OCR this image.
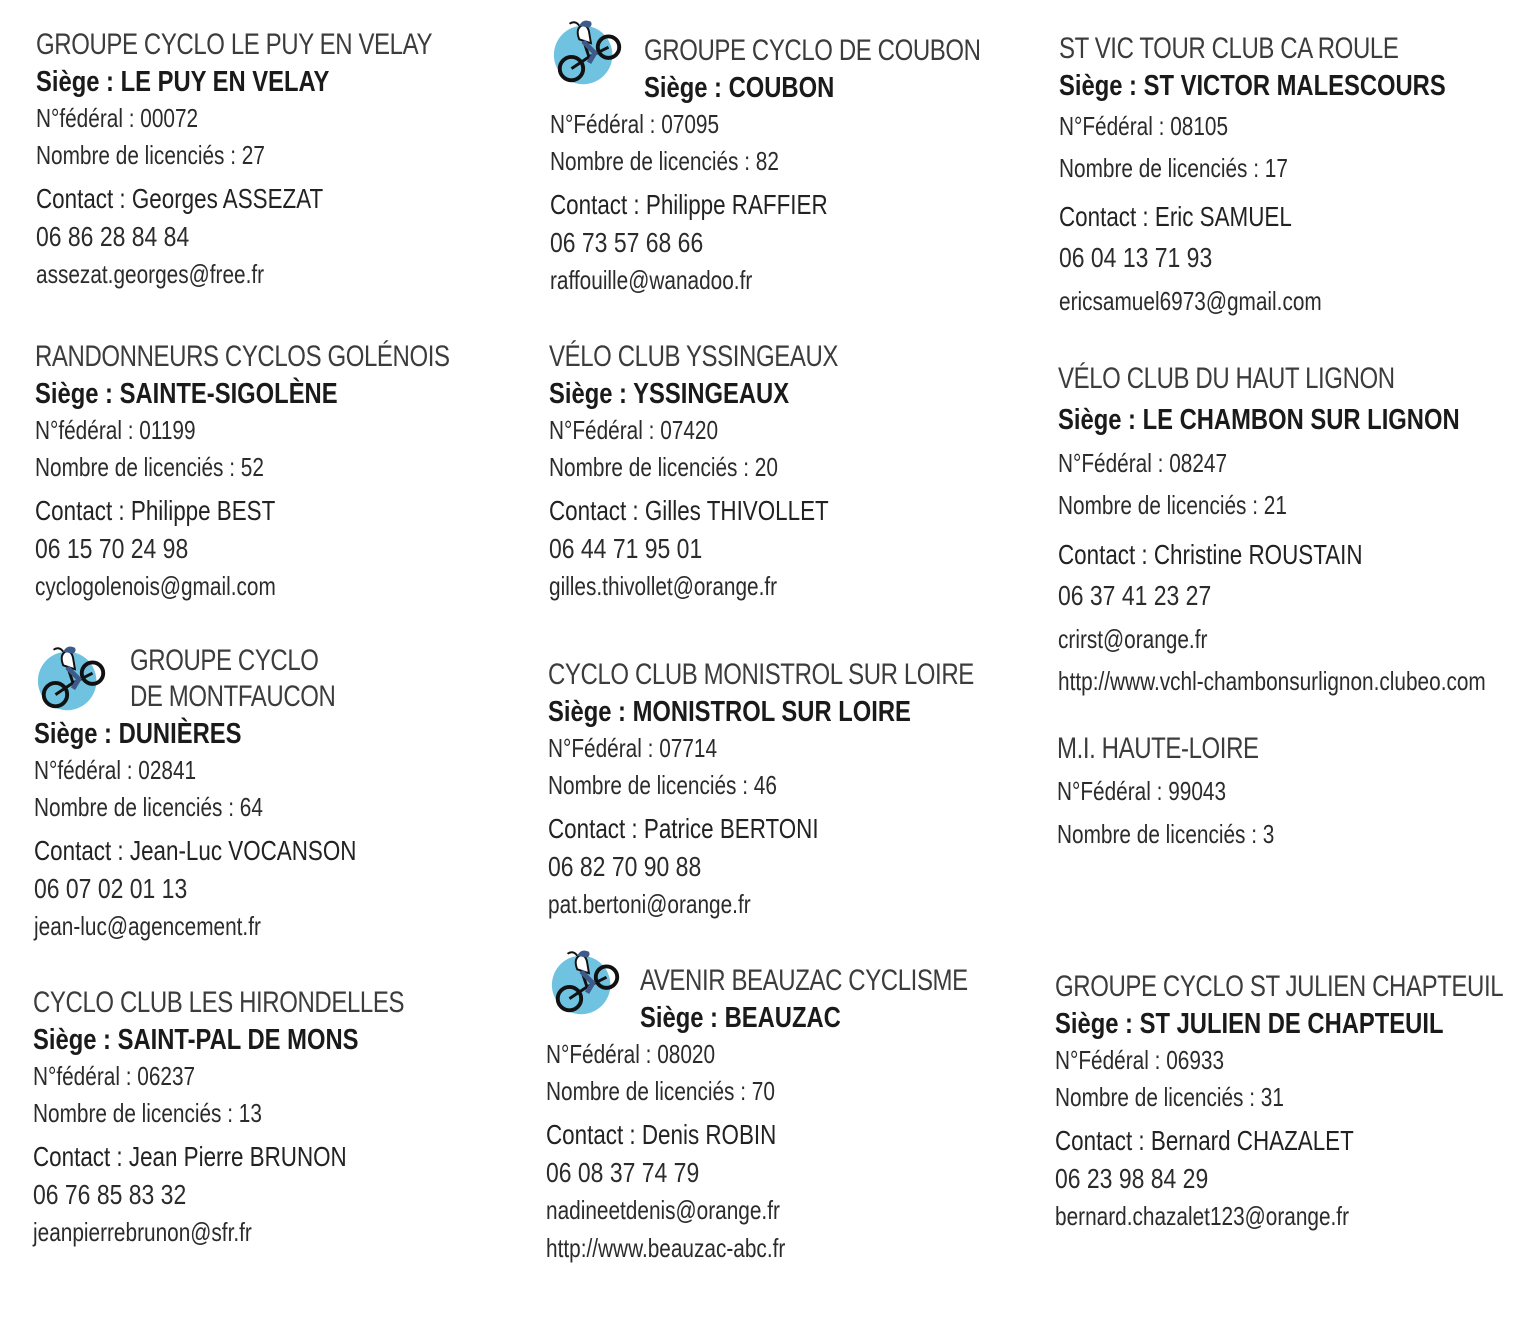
GROUPE CYCLO LE PUY EN VELAY
Siège : LE PUY EN VELAY
N°fédéral : 00072
Nombre de licenciés : 27
Contact : Georges ASSEZAT
06 86 28 84 84
assezat.georges@free.fr
RANDONNEURS CYCLOS GOLÉNOIS
Siège : SAINTE-SIGOLÈNE
N°fédéral : 01199
Nombre de licenciés : 52
Contact : Philippe BEST
06 15 70 24 98
cyclogolenois@gmail.com
GROUPE CYCLO
DE MONTFAUCON
Siège : DUNIÈRES
N°fédéral : 02841
Nombre de licenciés : 64
Contact : Jean-Luc VOCANSON
06 07 02 01 13
jean-luc@agencement.fr
CYCLO CLUB LES HIRONDELLES
Siège : SAINT-PAL DE MONS
N°fédéral : 06237
Nombre de licenciés : 13
Contact : Jean Pierre BRUNON
06 76 85 83 32
jeanpierrebrunon@sfr.fr
GROUPE CYCLO DE COUBON
Siège : COUBON
N°Fédéral : 07095
Nombre de licenciés : 82
Contact : Philippe RAFFIER
06 73 57 68 66
raffouille@wanadoo.fr
VÉLO CLUB YSSINGEAUX
Siège : YSSINGEAUX
N°Fédéral : 07420
Nombre de licenciés : 20
Contact : Gilles THIVOLLET
06 44 71 95 01
gilles.thivollet@orange.fr
CYCLO CLUB MONISTROL SUR LOIRE
Siège : MONISTROL SUR LOIRE
N°Fédéral : 07714
Nombre de licenciés : 46
Contact : Patrice BERTONI
06 82 70 90 88
pat.bertoni@orange.fr
AVENIR BEAUZAC CYCLISME
Siège : BEAUZAC
N°Fédéral : 08020
Nombre de licenciés : 70
Contact : Denis ROBIN
06 08 37 74 79
nadineetdenis@orange.fr
http://www.beauzac-abc.fr
ST VIC TOUR CLUB CA ROULE
Siège : ST VICTOR MALESCOURS
N°Fédéral : 08105
Nombre de licenciés : 17
Contact : Eric SAMUEL
06 04 13 71 93
ericsamuel6973@gmail.com
VÉLO CLUB DU HAUT LIGNON
Siège : LE CHAMBON SUR LIGNON
N°Fédéral : 08247
Nombre de licenciés : 21
Contact : Christine ROUSTAIN
06 37 41 23 27
crirst@orange.fr
http://www.vchl-chambonsurlignon.clubeo.com
M.I. HAUTE-LOIRE
N°Fédéral : 99043
Nombre de licenciés : 3
GROUPE CYCLO ST JULIEN CHAPTEUIL
Siège : ST JULIEN DE CHAPTEUIL
N°Fédéral : 06933
Nombre de licenciés : 31
Contact : Bernard CHAZALET
06 23 98 84 29
bernard.chazalet123@orange.fr
